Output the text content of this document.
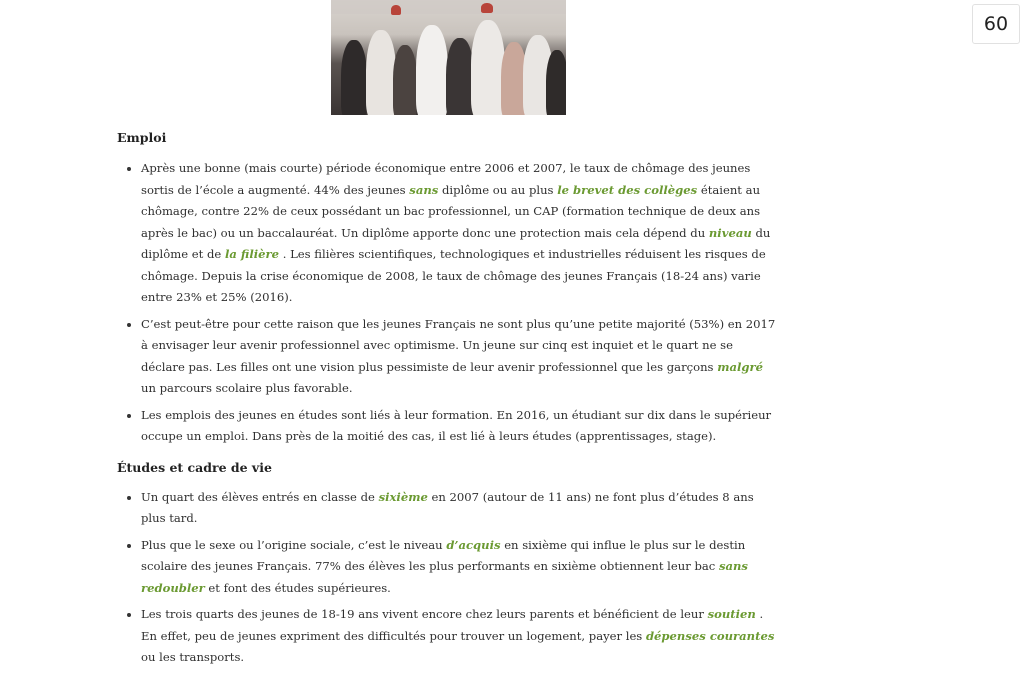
60
Emploi
Après une bonne (mais courte) période économique entre 2006 et 2007, le taux de chômage des jeunes sortis de l’école a augmenté. 44% des jeunes sans diplôme ou au plus le brevet des collèges étaient au chômage, contre 22% de ceux possédant un bac professionnel, un CAP (formation technique de deux ans après le bac) ou un baccalauréat. Un diplôme apporte donc une protection mais cela dépend du niveau du diplôme et de la filière . Les filières scientifiques, technologiques et industrielles réduisent les risques de chômage. Depuis la crise économique de 2008, le taux de chômage des jeunes Français (18-24 ans) varie entre 23% et 25% (2016).
C’est peut-être pour cette raison que les jeunes Français ne sont plus qu’une petite majorité (53%) en 2017 à envisager leur avenir professionnel avec optimisme. Un jeune sur cinq est inquiet et le quart ne se déclare pas. Les filles ont une vision plus pessimiste de leur avenir professionnel que les garçons malgré un parcours scolaire plus favorable.
Les emplois des jeunes en études sont liés à leur formation. En 2016, un étudiant sur dix dans le supérieur occupe un emploi. Dans près de la moitié des cas, il est lié à leurs études (apprentissages, stage).
Études et cadre de vie
Un quart des élèves entrés en classe de sixième en 2007 (autour de 11 ans) ne font plus d’études 8 ans plus tard.
Plus que le sexe ou l’origine sociale, c’est le niveau d’acquis en sixième qui influe le plus sur le destin scolaire des jeunes Français. 77% des élèves les plus performants en sixième obtiennent leur bac sans redoubler et font des études supérieures.
Les trois quarts des jeunes de 18-19 ans vivent encore chez leurs parents et bénéficient de leur soutien . En effet, peu de jeunes expriment des difficultés pour trouver un logement, payer les dépenses courantes ou les transports.
